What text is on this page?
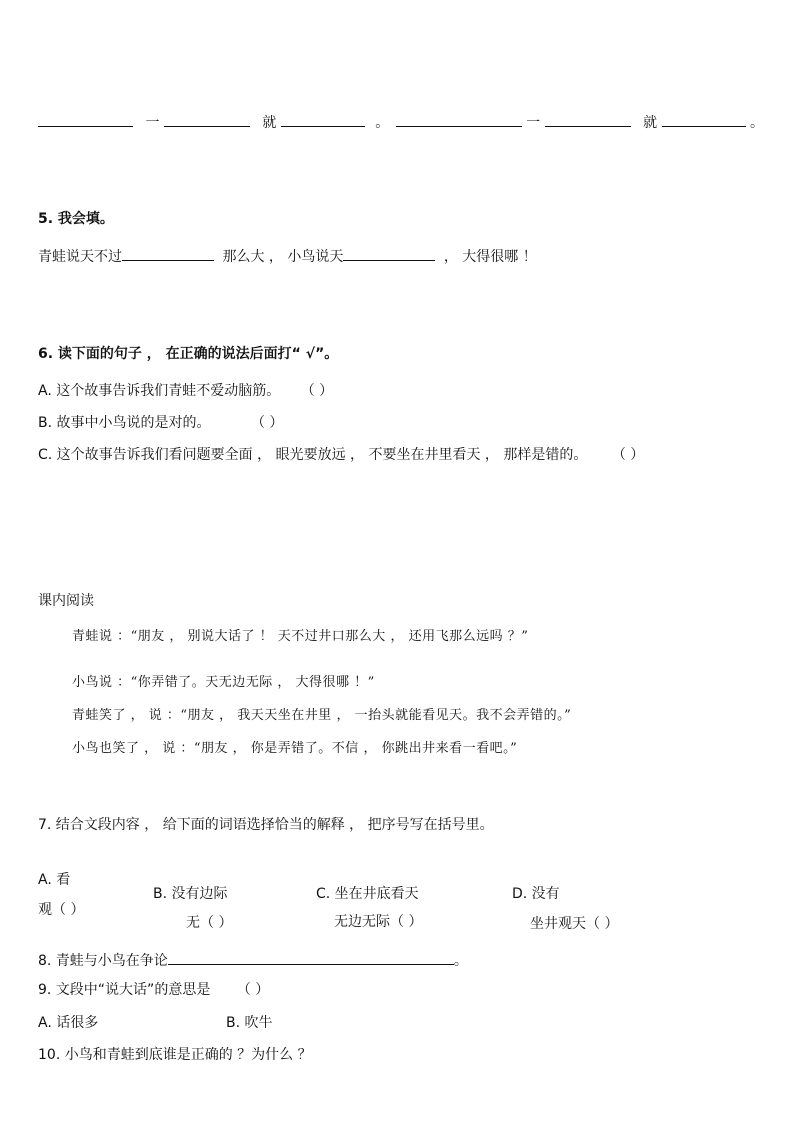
一	就	。	一	就	。
5. 我会填。
青蛙说天不过	那么大 ， 小鸟说天	， 大得很哪 ！
6. 读下面的句子 ， 在正确的说法后面打“ √”。
A. 这个故事告诉我们青蛙不爱动脑筋。 （ ）
B. 故事中小鸟说的是对的。	（ ）
C. 这个故事告诉我们看问题要全面 ， 眼光要放远 ， 不要坐在井里看天 ， 那样是错的。 （ ）
课内阅读
青蛙说 ：“朋友 ， 别说大话了 ！ 天不过井口那么大 ， 还用飞那么远吗 ？”
小鸟说 ：“你弄错了。天无边无际 ， 大得很哪 ！”
青蛙笑了 ， 说 ：“朋友 ， 我天天坐在井里 ， 一抬头就能看见天。我不会弄错的。”
小鸟也笑了 ， 说 ：“朋友 ， 你是弄错了。不信 ， 你跳出井来看一看吧。”
7. 结合文段内容 ， 给下面的词语选择恰当的解释 ， 把序号写在括号里。
A. 看
观（ ）
B. 没有边际
无（ ）
C. 坐在井底看天
无边无际（ ）
D. 没有
坐井观天（ ）
8. 青蛙与小鸟在争论	。
9. 文段中“说大话”的意思是 （ ）
A. 话很多	B. 吹牛
10. 小鸟和青蛙到底谁是正确的 ？为什么 ？
